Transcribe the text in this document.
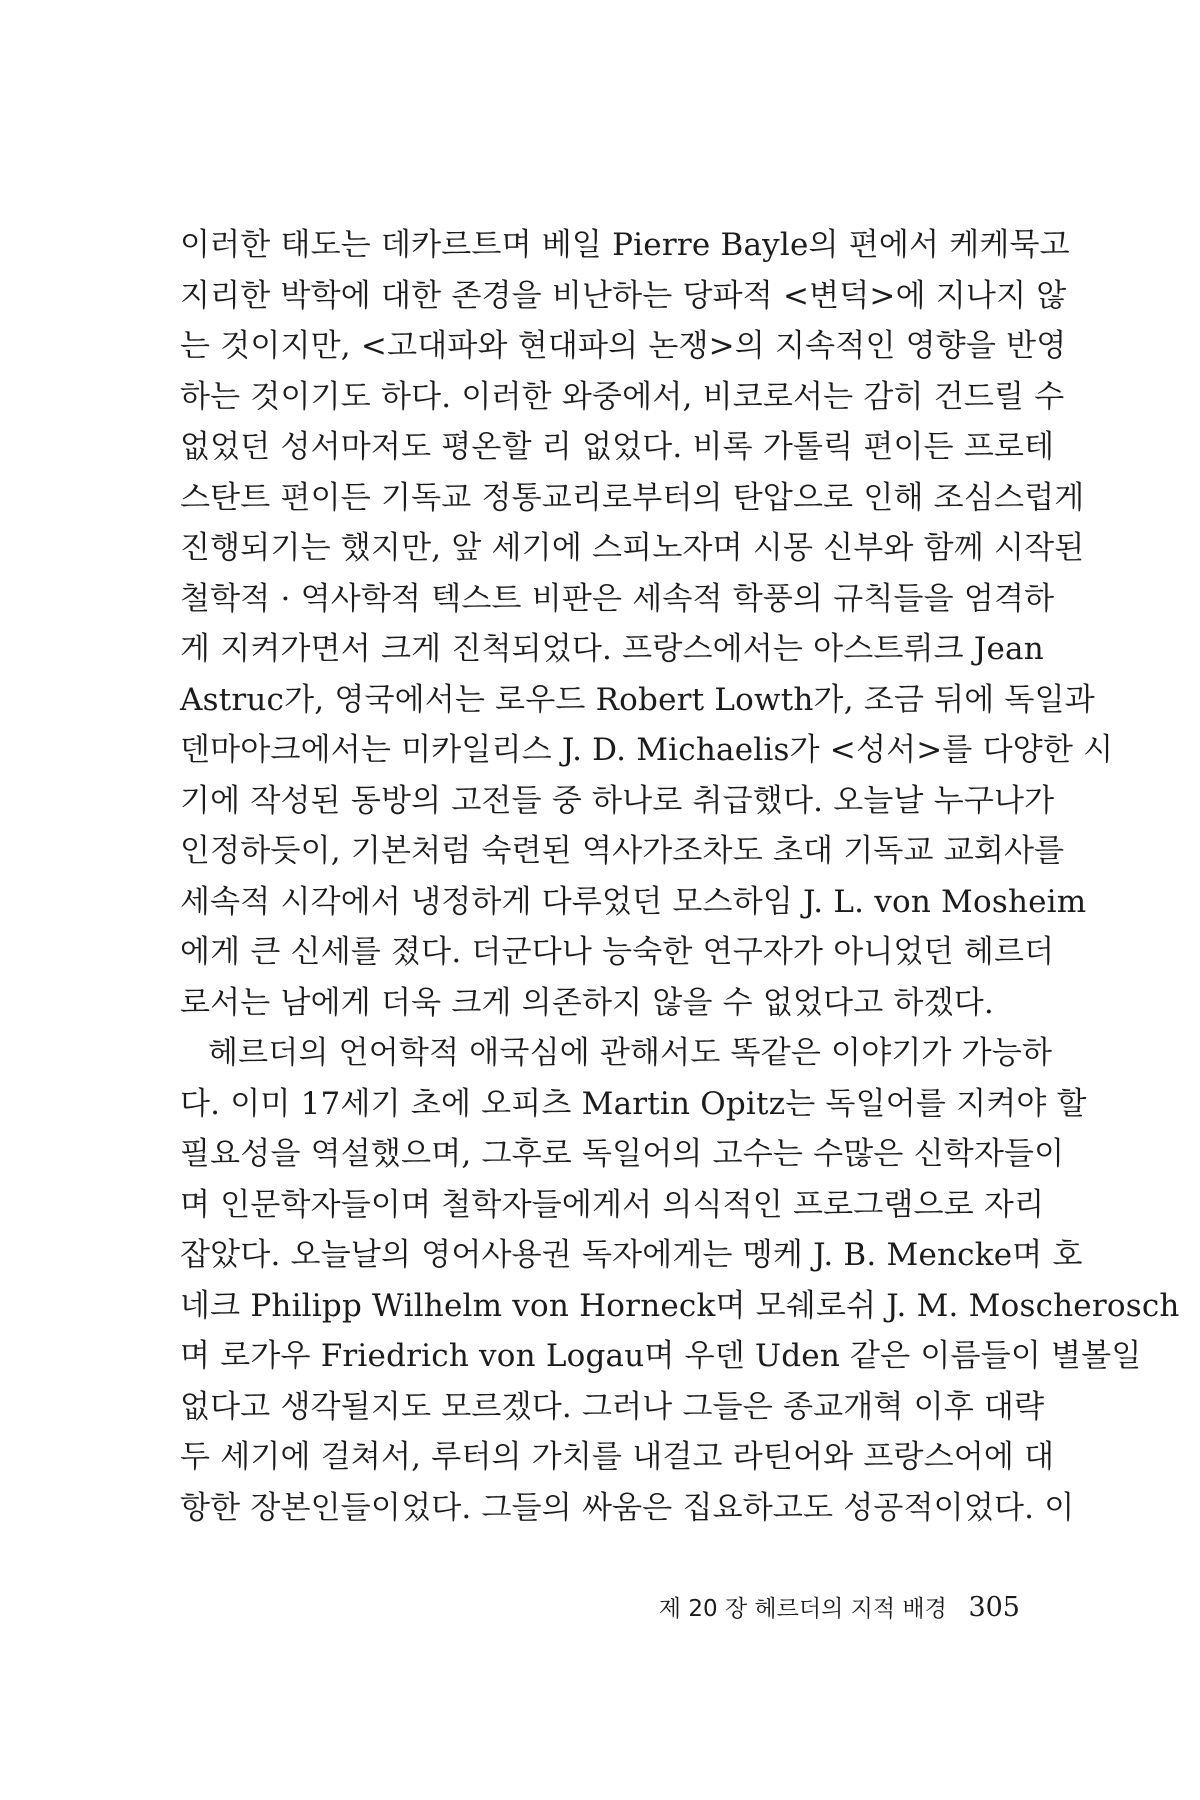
이러한 태도는 데카르트며 베일 Pierre Bayle의 편에서 케케묵고
지리한 박학에 대한 존경을 비난하는 당파적 <변덕>에 지나지 않
는 것이지만, <고대파와 현대파의 논쟁>의 지속적인 영향을 반영
하는 것이기도 하다. 이러한 와중에서, 비코로서는 감히 건드릴 수
없었던 성서마저도 평온할 리 없었다. 비록 가톨릭 편이든 프로테
스탄트 편이든 기독교 정통교리로부터의 탄압으로 인해 조심스럽게
진행되기는 했지만, 앞 세기에 스피노자며 시몽 신부와 함께 시작된
철학적 · 역사학적 텍스트 비판은 세속적 학풍의 규칙들을 엄격하
게 지켜가면서 크게 진척되었다. 프랑스에서는 아스트뤼크 Jean
Astruc가, 영국에서는 로우드 Robert Lowth가, 조금 뒤에 독일과
덴마아크에서는 미카일리스 J. D. Michaelis가 <성서>를 다양한 시
기에 작성된 동방의 고전들 중 하나로 취급했다. 오늘날 누구나가
인정하듯이, 기본처럼 숙련된 역사가조차도 초대 기독교 교회사를
세속적 시각에서 냉정하게 다루었던 모스하임 J. L. von Mosheim
에게 큰 신세를 졌다. 더군다나 능숙한 연구자가 아니었던 헤르더
로서는 남에게 더욱 크게 의존하지 않을 수 없었다고 하겠다.
헤르더의 언어학적 애국심에 관해서도 똑같은 이야기가 가능하
다. 이미 17세기 초에 오피츠 Martin Opitz는 독일어를 지켜야 할
필요성을 역설했으며, 그후로 독일어의 고수는 수많은 신학자들이
며 인문학자들이며 철학자들에게서 의식적인 프로그램으로 자리
잡았다. 오늘날의 영어사용권 독자에게는 멩케 J. B. Mencke며 호
네크 Philipp Wilhelm von Horneck며 모쉐로쉬 J. M. Moscherosch
며 로가우 Friedrich von Logau며 우덴 Uden 같은 이름들이 별볼일
없다고 생각될지도 모르겠다. 그러나 그들은 종교개혁 이후 대략
두 세기에 걸쳐서, 루터의 가치를 내걸고 라틴어와 프랑스어에 대
항한 장본인들이었다. 그들의 싸움은 집요하고도 성공적이었다. 이
제 20 장 헤르더의 지적 배경 305
